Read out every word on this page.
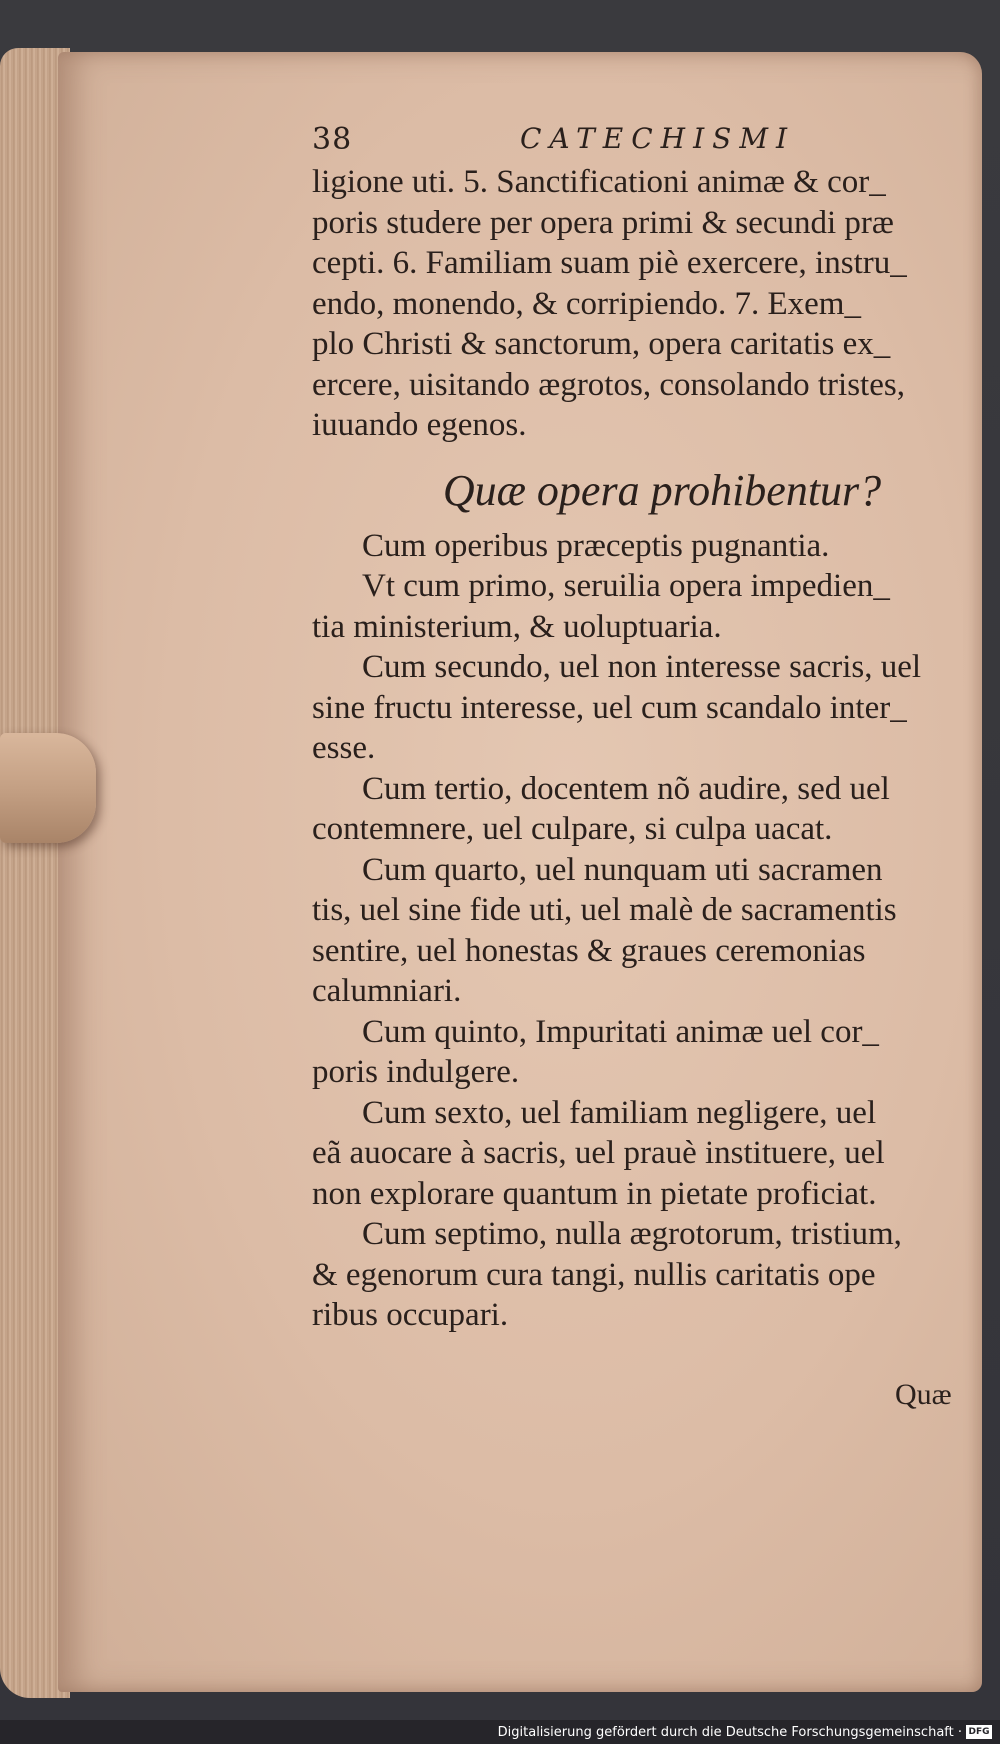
38	CATECHISMI
ligione uti. 5. Sanctificationi animæ & cor_
poris studere per opera primi & secundi præ
cepti. 6. Familiam suam piè exercere, instru_
endo, monendo, & corripiendo. 7. Exem_
plo Christi & sanctorum, opera caritatis ex_
ercere, uisitando ægrotos, consolando tristes,
iuuando egenos.
Quæ opera prohibentur?
Cum operibus præceptis pugnantia.
Vt cum primo, seruilia opera impedien_
tia ministerium, & uoluptuaria.
Cum secundo, uel non interesse sacris, uel
sine fructu interesse, uel cum scandalo inter_
esse.
Cum tertio, docentem nõ audire, sed uel
contemnere, uel culpare, si culpa uacat.
Cum quarto, uel nunquam uti sacramen
tis, uel sine fide uti, uel malè de sacramentis
sentire, uel honestas & graues ceremonias
calumniari.
Cum quinto, Impuritati animæ uel cor_
poris indulgere.
Cum sexto, uel familiam negligere, uel
eã auocare à sacris, uel prauè instituere, uel
non explorare quantum in pietate proficiat.
Cum septimo, nulla ægrotorum, tristium,
& egenorum cura tangi, nullis caritatis ope
ribus occupari.
Quæ
Digitalisierung gefördert durch die Deutsche Forschungsgemeinschaft · DFG
